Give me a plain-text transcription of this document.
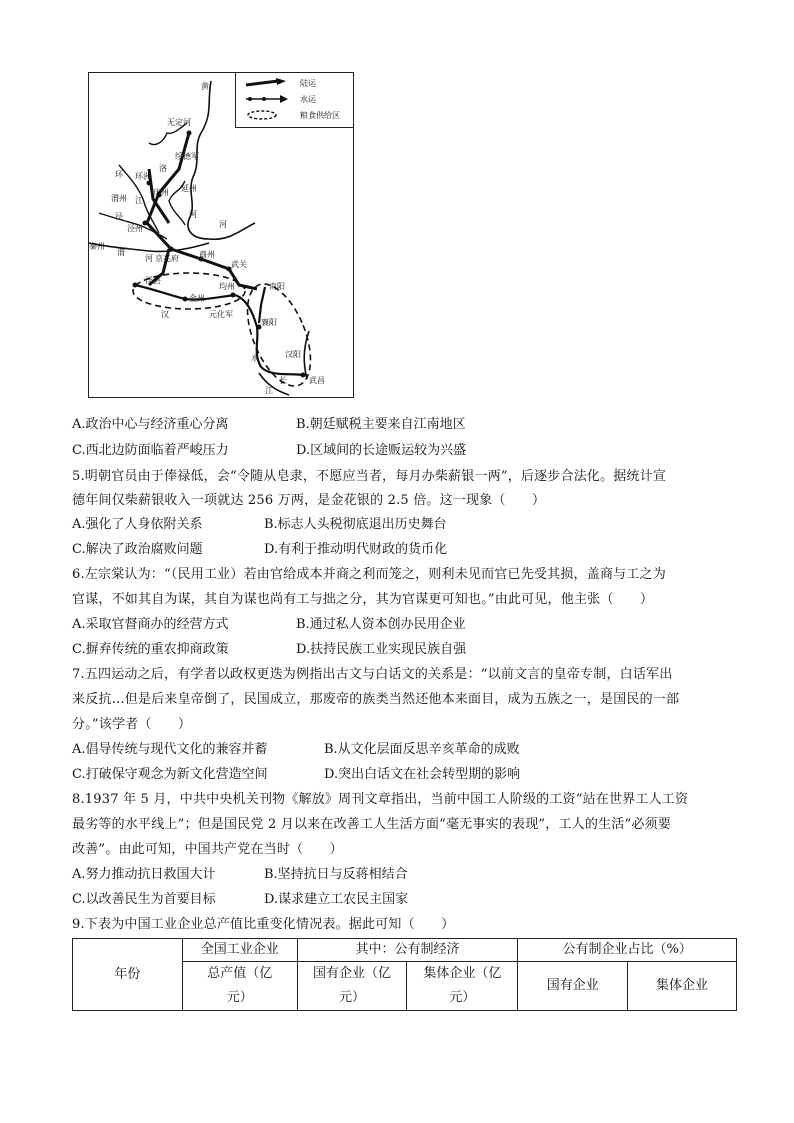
陆运
水运
粮食供给区
黄
无定河
绥德军
洛
环 环洲
庆州 延州
渭州 江
河
泾
泾州	河
秦州
渭
河 京兆府	商州
武关
南阳
洋县
金州
均州
汉	元化军
襄阳
水	汉阳
武昌
长
江
A.政治中心与经济重心分离	B.朝廷赋税主要来自江南地区
C.西北边防面临着严峻压力	D.区域间的长途贩运较为兴盛
5.明朝官员由于俸禄低，会“令随从皂隶，不愿应当者，每月办柴薪银一两”，后逐步合法化。据统计宣
德年间仅柴薪银收入一项就达 256 万两，是金花银的 2.5 倍。这一现象（　　）
A.强化了人身依附关系	B.标志人头税彻底退出历史舞台
C.解决了政治腐败问题	D.有利于推动明代财政的货币化
6.左宗棠认为：“（民用工业）若由官给成本并商之利而笼之，则利未见而官已先受其损，盖商与工之为
官谋，不如其自为谋，其自为谋也尚有工与拙之分，其为官谋更可知也。”由此可见，他主张（　　）
A.采取官督商办的经营方式	B.通过私人资本创办民用企业
C.摒弃传统的重农抑商政策	D.扶持民族工业实现民族自强
7.五四运动之后，有学者以政权更迭为例指出古文与白话文的关系是：“以前文言的皇帝专制，白话军出
来反抗…但是后来皇帝倒了，民国成立，那废帝的族类当然还他本来面目，成为五族之一，是国民的一部
分。”该学者（　　）
A.倡导传统与现代文化的兼容并蓄	B.从文化层面反思辛亥革命的成败
C.打破保守观念为新文化营造空间	D.突出白话文在社会转型期的影响
8.1937 年 5 月，中共中央机关刊物《解放》周刊文章指出，当前中国工人阶级的工资“站在世界工人工资
最劣等的水平线上”；但是国民党 2 月以来在改善工人生活方面“毫无事实的表现”，工人的生活“必须要
改善”。由此可知，中国共产党在当时（　　）
A.努力推动抗日救国大计	B.坚持抗日与反蒋相结合
C.以改善民生为首要目标	D.谋求建立工农民主国家
9.下表为中国工业企业总产值比重变化情况表。据此可知（　　）
年份	全国工业企业	其中：公有制经济		公有制企业占比（%）	
	总产值（亿
元）	国有企业（亿
元）	集体企业（亿
元）	国有企业	集体企业
